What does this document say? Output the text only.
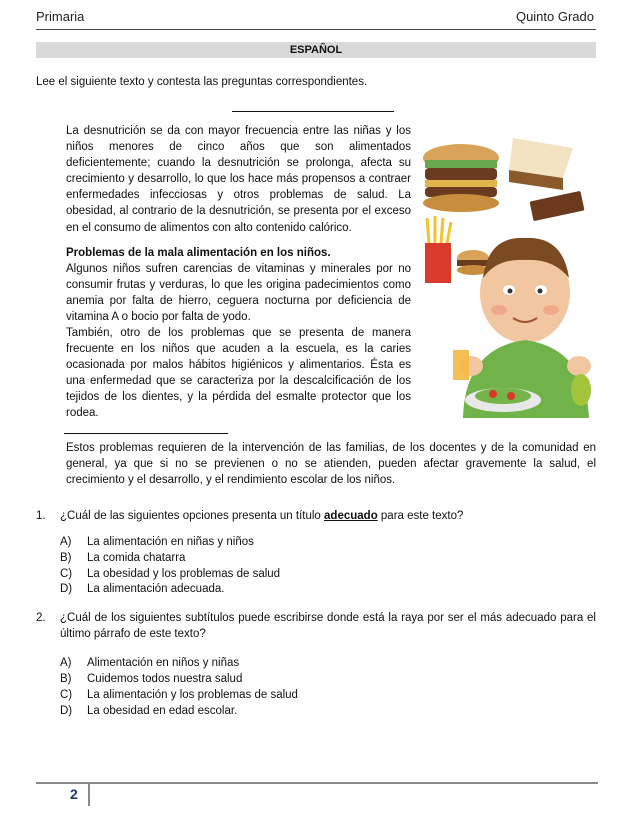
Primaria	Quinto Grado
ESPAÑOL
Lee el siguiente texto y contesta las preguntas correspondientes.
La desnutrición se da con mayor frecuencia entre las niñas y los niños menores de cinco años que son alimentados deficientemente; cuando la desnutrición se prolonga, afecta su crecimiento y desarrollo, lo que los hace más propensos a contraer enfermedades infecciosas y otros problemas de salud. La obesidad, al contrario de la desnutrición, se presenta por el exceso en el consumo de alimentos con alto contenido calórico.
Problemas de la mala alimentación en los niños.
Algunos niños sufren carencias de vitaminas y minerales por no consumir frutas y verduras, lo que les origina padecimientos como anemia por falta de hierro, ceguera nocturna por deficiencia de vitamina A o bocio por falta de yodo.
También, otro de los problemas que se presenta de manera frecuente en los niños que acuden a la escuela, es la caries ocasionada por malos hábitos higiénicos y alimentarios. Ésta es una enfermedad que se caracteriza por la descalcificación de los tejidos de los dientes, y la pérdida del esmalte protector que los rodea.
Estos problemas requieren de la intervención de las familias, de los docentes y de la comunidad en general, ya que si no se previenen o no se atienden, pueden afectar gravemente la salud, el crecimiento y el desarrollo, y el rendimiento escolar de los niños.
1. ¿Cuál de las siguientes opciones presenta un título adecuado para este texto?
A) La alimentación en niñas y niños
B) La comida chatarra
C) La obesidad y los problemas de salud
D) La alimentación adecuada.
2. ¿Cuál de los siguientes subtítulos puede escribirse donde está la raya por ser el más adecuado para el último párrafo de este texto?
A) Alimentación en niños y niñas
B) Cuidemos todos nuestra salud
C) La alimentación y los problemas de salud
D) La obesidad en edad escolar.
2
